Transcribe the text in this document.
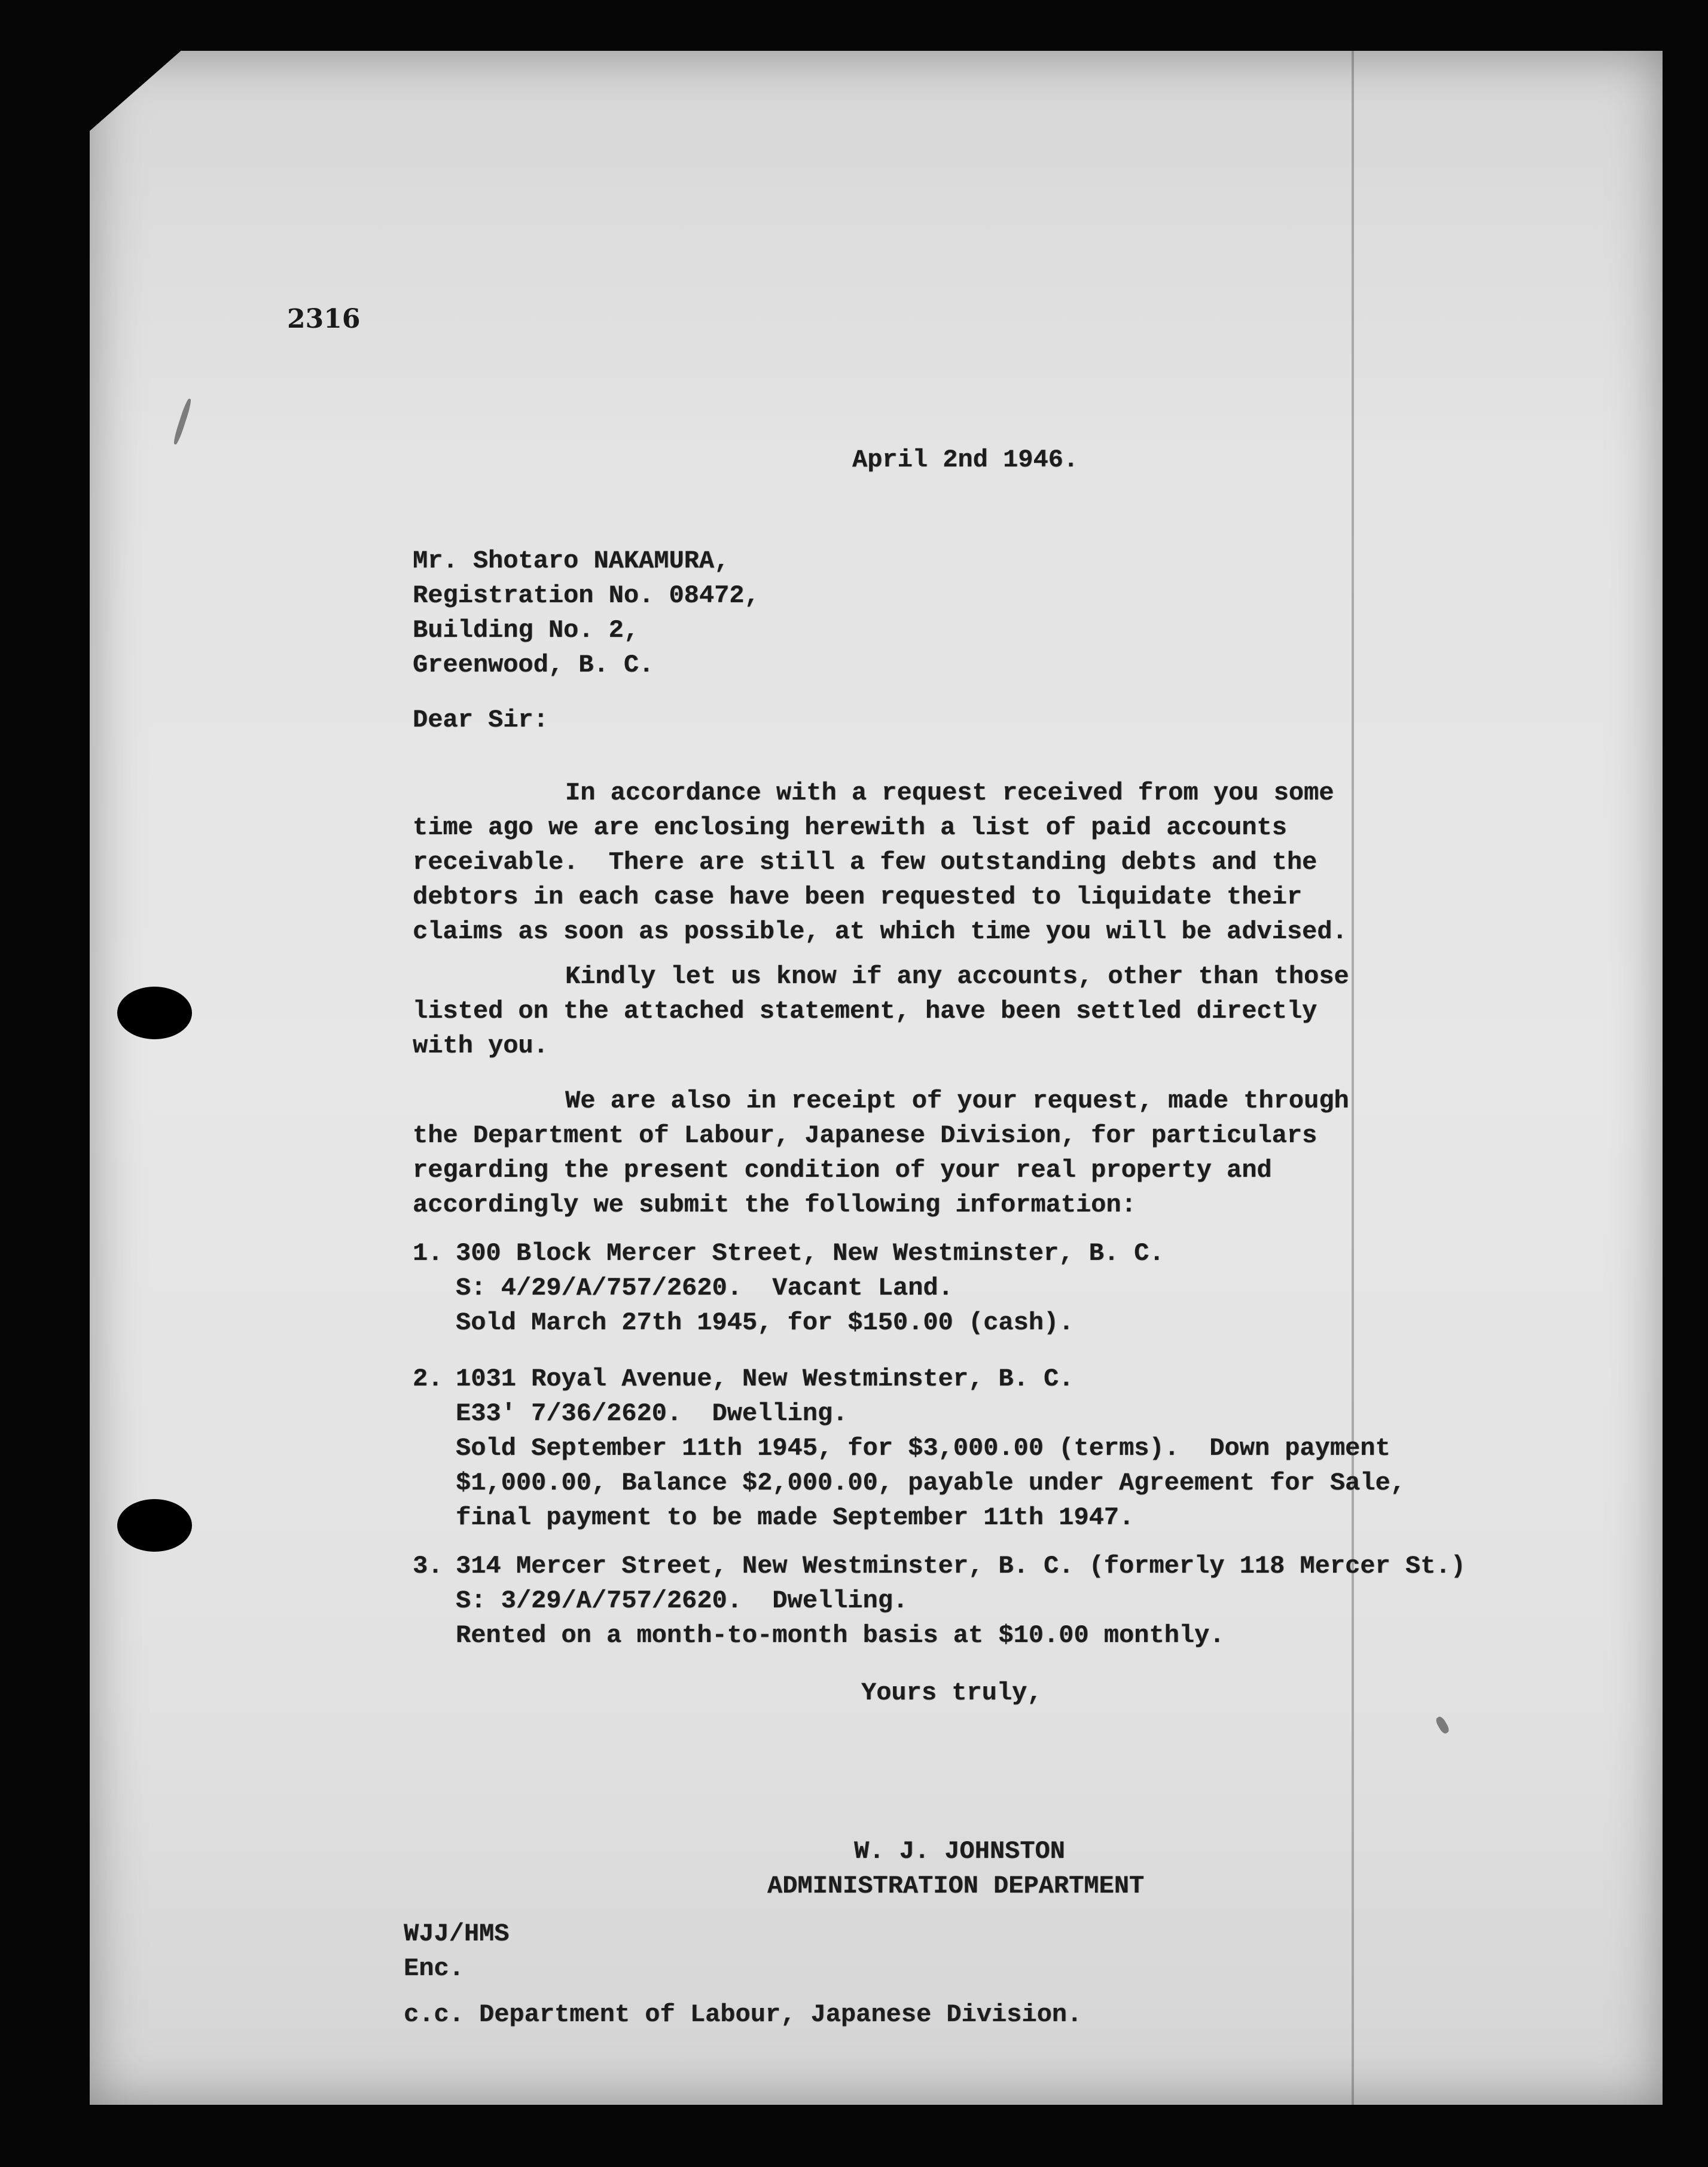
2316
April 2nd 1946.
Mr. Shotaro NAKAMURA,
Registration No. 08472,
Building No. 2,
Greenwood, B. C.
Dear Sir:
In accordance with a request received from you some
time ago we are enclosing herewith a list of paid accounts
receivable.  There are still a few outstanding debts and the
debtors in each case have been requested to liquidate their
claims as soon as possible, at which time you will be advised.
Kindly let us know if any accounts, other than those
listed on the attached statement, have been settled directly
with you.
We are also in receipt of your request, made through
the Department of Labour, Japanese Division, for particulars
regarding the present condition of your real property and
accordingly we submit the following information:
1. 300 Block Mercer Street, New Westminster, B. C.
S: 4/29/A/757/2620.  Vacant Land.
Sold March 27th 1945, for $150.00 (cash).
2. 1031 Royal Avenue, New Westminster, B. C.
E33' 7/36/2620.  Dwelling.
Sold September 11th 1945, for $3,000.00 (terms).  Down payment
$1,000.00, Balance $2,000.00, payable under Agreement for Sale,
final payment to be made September 11th 1947.
3. 314 Mercer Street, New Westminster, B. C. (formerly 118 Mercer St.)
S: 3/29/A/757/2620.  Dwelling.
Rented on a month-to-month basis at $10.00 monthly.
Yours truly,
W. J. JOHNSTON
ADMINISTRATION DEPARTMENT
WJJ/HMS
Enc.
c.c. Department of Labour, Japanese Division.
